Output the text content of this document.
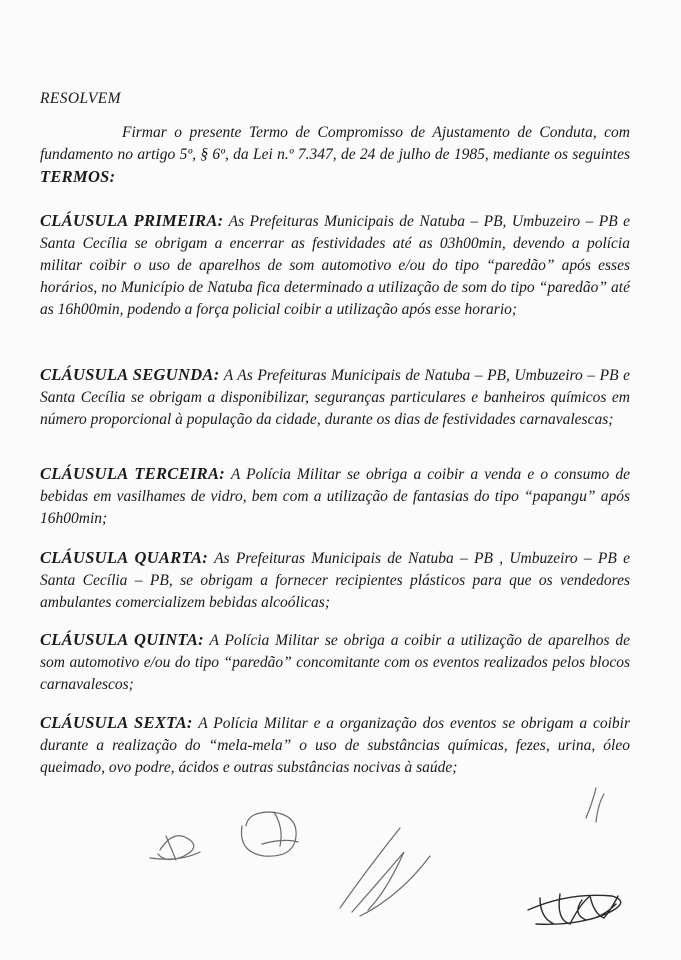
RESOLVEM
Firmar o presente Termo de Compromisso de Ajustamento de Conduta, com fundamento no artigo 5º, § 6º, da Lei n.º 7.347, de 24 de julho de 1985, mediante os seguintes TERMOS:
CLÁUSULA PRIMEIRA: As Prefeituras Municipais de Natuba – PB, Umbuzeiro – PB e Santa Cecília se obrigam a encerrar as festividades até as 03h00min, devendo a polícia militar coibir o uso de aparelhos de som automotivo e/ou do tipo “paredão” após esses horários, no Município de Natuba fica determinado a utilização de som do tipo “paredão” até as 16h00min, podendo a força policial coibir a utilização após esse horario;
CLÁUSULA SEGUNDA: A As Prefeituras Municipais de Natuba – PB, Umbuzeiro – PB e Santa Cecília se obrigam a disponibilizar, seguranças particulares e banheiros químicos em número proporcional à população da cidade, durante os dias de festividades carnavalescas;
CLÁUSULA TERCEIRA: A Polícia Militar se obriga a coibir a venda e o consumo de bebidas em vasilhames de vidro, bem com a utilização de fantasias do tipo “papangu” após 16h00min;
CLÁUSULA QUARTA: As Prefeituras Municipais de Natuba – PB , Umbuzeiro – PB e Santa Cecília – PB, se obrigam a fornecer recipientes plásticos para que os vendedores ambulantes comercializem bebidas alcoólicas;
CLÁUSULA QUINTA: A Polícia Militar se obriga a coibir a utilização de aparelhos de som automotivo e/ou do tipo “paredão” concomitante com os eventos realizados pelos blocos carnavalescos;
CLÁUSULA SEXTA: A Polícia Militar e a organização dos eventos se obrigam a coibir durante a realização do “mela-mela” o uso de substâncias químicas, fezes, urina, óleo queimado, ovo podre, ácidos e outras substâncias nocivas à saúde;
